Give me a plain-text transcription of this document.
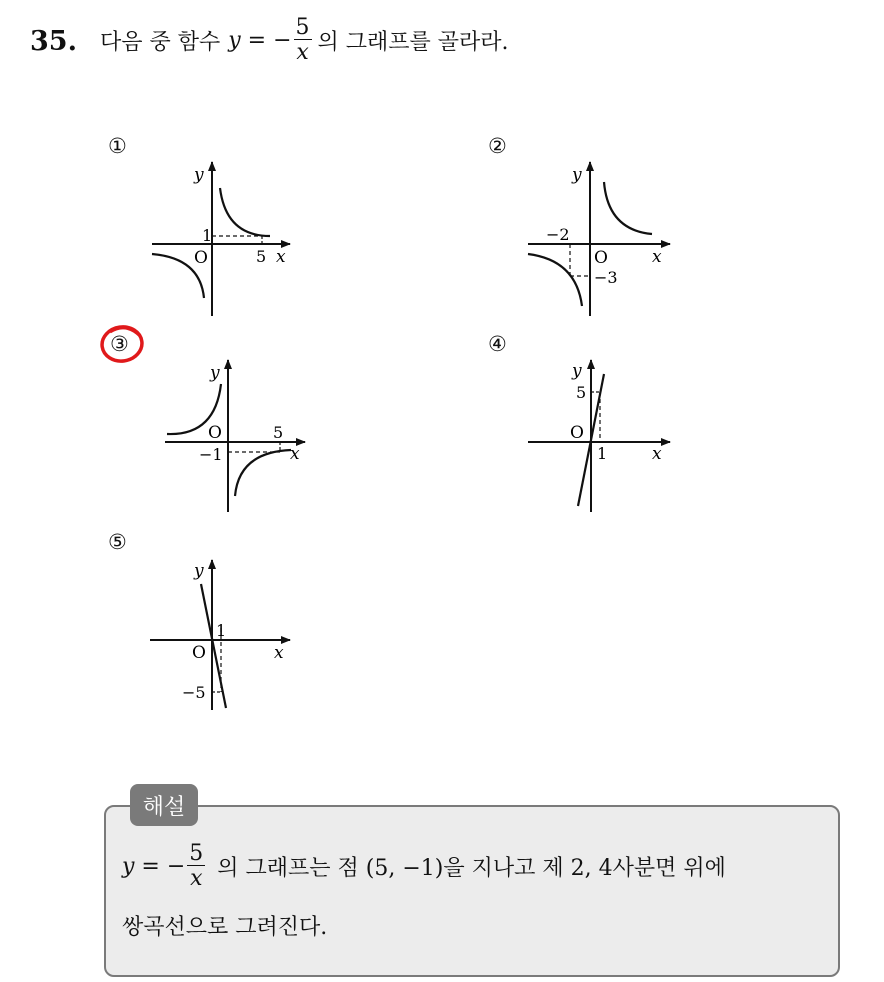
35. 다음 중 함수 y = − $\frac{5}{x}$ 의 그래프를 골라라.
①	②
③	④
⑤
y
1
O	5 x
y
−2
O
−3
x
y
O	5
−1	x
y
5
O
1	x
y
1
O	x
−5
해설
y = − $\frac{5}{x}$ 의 그래프는 점 (5, −1)을 지나고 제 2, 4사분면 위에
쌍곡선으로 그려진다.
